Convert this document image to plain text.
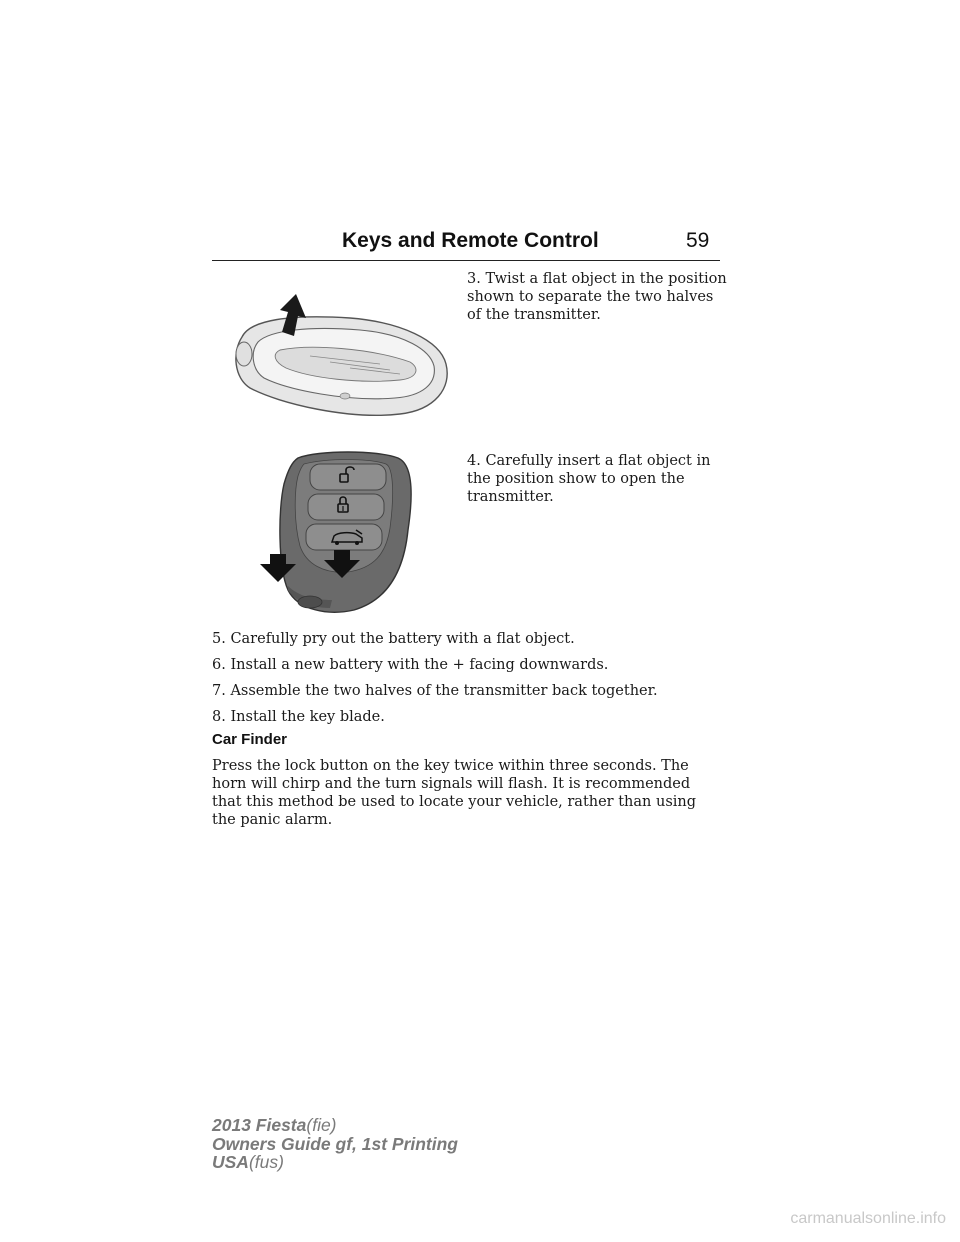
Keys and Remote Control	59
3. Twist a flat object in the position shown to separate the two halves of the transmitter.
4. Carefully insert a flat object in the position show to open the transmitter.

5. Carefully pry out the battery with a flat object.

6. Install a new battery with the + facing downwards.

7. Assemble the two halves of the transmitter back together.

8. Install the key blade.

Car Finder

Press the lock button on the key twice within three seconds. The horn will chirp and the turn signals will flash. It is recommended that this method be used to locate your vehicle, rather than using the panic alarm.

2013 Fiesta(fie)
Owners Guide gf, 1st Printing
USA(fus)
carmanualsonline.info
